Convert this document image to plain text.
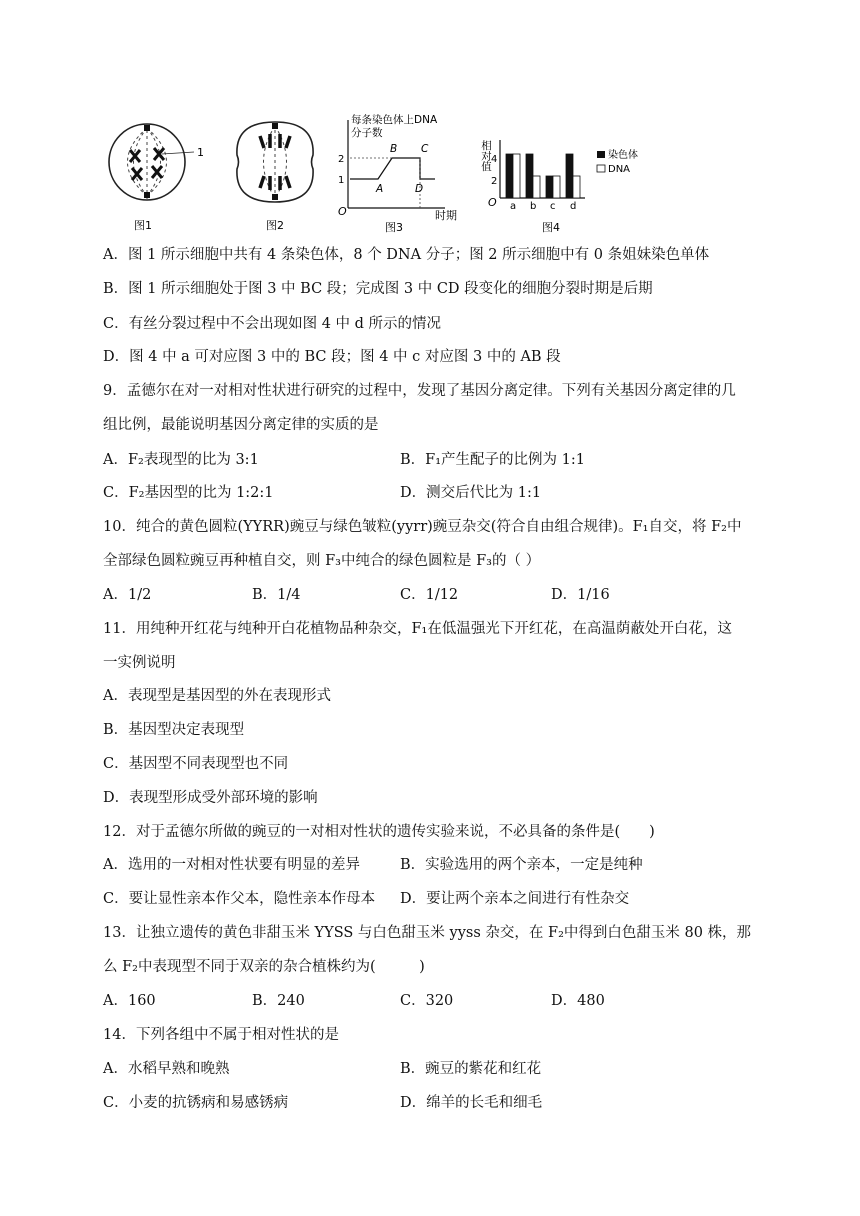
1
图1	图2
每条染色体上DNA
分子数
2
1
O
A
B C
D
时期
图3
相对值 4
2
O a b c d
染色体
DNA
图4
A．图 1 所示细胞中共有 4 条染色体，8 个 DNA 分子；图 2 所示细胞中有 0 条姐妹染色单体
B．图 1 所示细胞处于图 3 中 BC 段；完成图 3 中 CD 段变化的细胞分裂时期是后期
C．有丝分裂过程中不会出现如图 4 中 d 所示的情况
D．图 4 中 a 可对应图 3 中的 BC 段；图 4 中 c 对应图 3 中的 AB 段
9．孟德尔在对一对相对性状进行研究的过程中，发现了基因分离定律。下列有关基因分离定律的几
组比例，最能说明基因分离定律的实质的是
A．F₂表现型的比为 3:1	B．F₁产生配子的比例为 1:1
C．F₂基因型的比为 1:2:1	D．测交后代比为 1:1
10．纯合的黄色圆粒(YYRR)豌豆与绿色皱粒(yyrr)豌豆杂交(符合自由组合规律)。F₁自交，将 F₂中
全部绿色圆粒豌豆再种植自交，则 F₃中纯合的绿色圆粒是 F₃的（ ）
A．1/2	B．1/4	C．1/12	D．1/16
11．用纯种开红花与纯种开白花植物品种杂交，F₁在低温强光下开红花，在高温荫蔽处开白花，这
一实例说明
A．表现型是基因型的外在表现形式
B．基因型决定表现型
C．基因型不同表现型也不同
D．表现型形成受外部环境的影响
12．对于孟德尔所做的豌豆的一对相对性状的遗传实验来说，不必具备的条件是(　　)
A．选用的一对相对性状要有明显的差异	B．实验选用的两个亲本，一定是纯种
C．要让显性亲本作父本，隐性亲本作母本 D．要让两个亲本之间进行有性杂交
13．让独立遗传的黄色非甜玉米 YYSS 与白色甜玉米 yyss 杂交，在 F₂中得到白色甜玉米 80 株，那
么 F₂中表现型不同于双亲的杂合植株约为(　　　)
A．160	B．240	C．320	D．480
14．下列各组中不属于相对性状的是
A．水稻早熟和晚熟	B．豌豆的紫花和红花
C．小麦的抗锈病和易感锈病	D．绵羊的长毛和细毛
